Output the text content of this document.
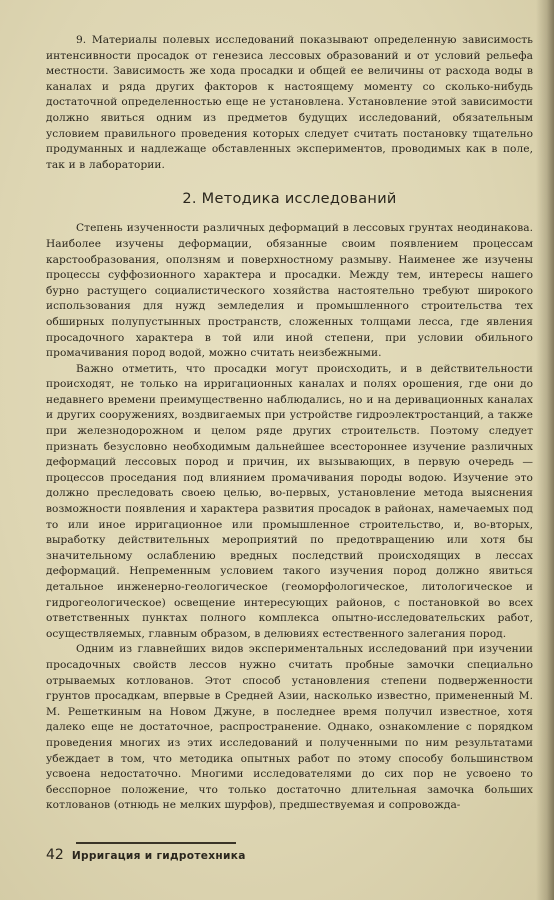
9. Материалы полевых исследований показывают определенную зависимость интенсивности просадок от генезиса лессовых образований и от условий рельефа местности. Зависимость же хода просадки и общей ее величины от расхода воды в каналах и ряда других факторов к настоящему моменту со сколько-нибудь достаточной определенностью еще не установлена. Установление этой зависимости должно явиться одним из предметов будущих исследований, обязательным условием правильного проведения которых следует считать постановку тщательно продуманных и надлежаще обставленных экспериментов, проводимых как в поле, так и в лаборатории.

2. Методика исследований

Степень изученности различных деформаций в лессовых грунтах неодинакова. Наиболее изучены деформации, обязанные своим появлением процессам карстообразования, оползням и поверхностному размыву. Наименее же изучены процессы суффозионного характера и просадки. Между тем, интересы нашего бурно растущего социалистического хозяйства настоятельно требуют широкого использования для нужд земледелия и промышленного строительства тех обширных полупустынных пространств, сложенных толщами лесса, где явления просадочного характера в той или иной степени, при условии обильного промачивания пород водой, можно считать неизбежными.

Важно отметить, что просадки могут происходить, и в действительности происходят, не только на ирригационных каналах и полях орошения, где они до недавнего времени преимущественно наблюдались, но и на деривационных каналах и других сооружениях, воздвигаемых при устройстве гидроэлектростанций, а также при железнодорожном и целом ряде других строительств. Поэтому следует признать безусловно необходимым дальнейшее всестороннее изучение различных деформаций лессовых пород и причин, их вызывающих, в первую очередь — процессов проседания под влиянием промачивания породы водою. Изучение это должно преследовать своею целью, во-первых, установление метода выяснения возможности появления и характера развития просадок в районах, намечаемых под то или иное ирригационное или промышленное строительство, и, во-вторых, выработку действительных мероприятий по предотвращению или хотя бы значительному ослаблению вредных последствий происходящих в лессах деформаций. Непременным условием такого изучения пород должно явиться детальное инженерно-геологическое (геоморфологическое, литологическое и гидрогеологическое) освещение интересующих районов, с постановкой во всех ответственных пунктах полного комплекса опытно-исследовательских работ, осуществляемых, главным образом, в делювиях естественного залегания пород.

Одним из главнейших видов экспериментальных исследований при изучении просадочных свойств лессов нужно считать пробные замочки специально отрываемых котлованов. Этот способ установления степени подверженности грунтов просадкам, впервые в Средней Азии, насколько известно, примененный М. М. Решеткиным на Новом Джуне, в последнее время получил известное, хотя далеко еще не достаточное, распространение. Однако, ознакомление с порядком проведения многих из этих исследований и полученными по ним результатами убеждает в том, что методика опытных работ по этому способу большинством усвоена недостаточно. Многими исследователями до сих пор не усвоено то бесспорное положение, что только достаточно длительная замочка больших котлованов (отнюдь не мелких шурфов), предшествуемая и сопровожда-

42 Ирригация и гидротехника
